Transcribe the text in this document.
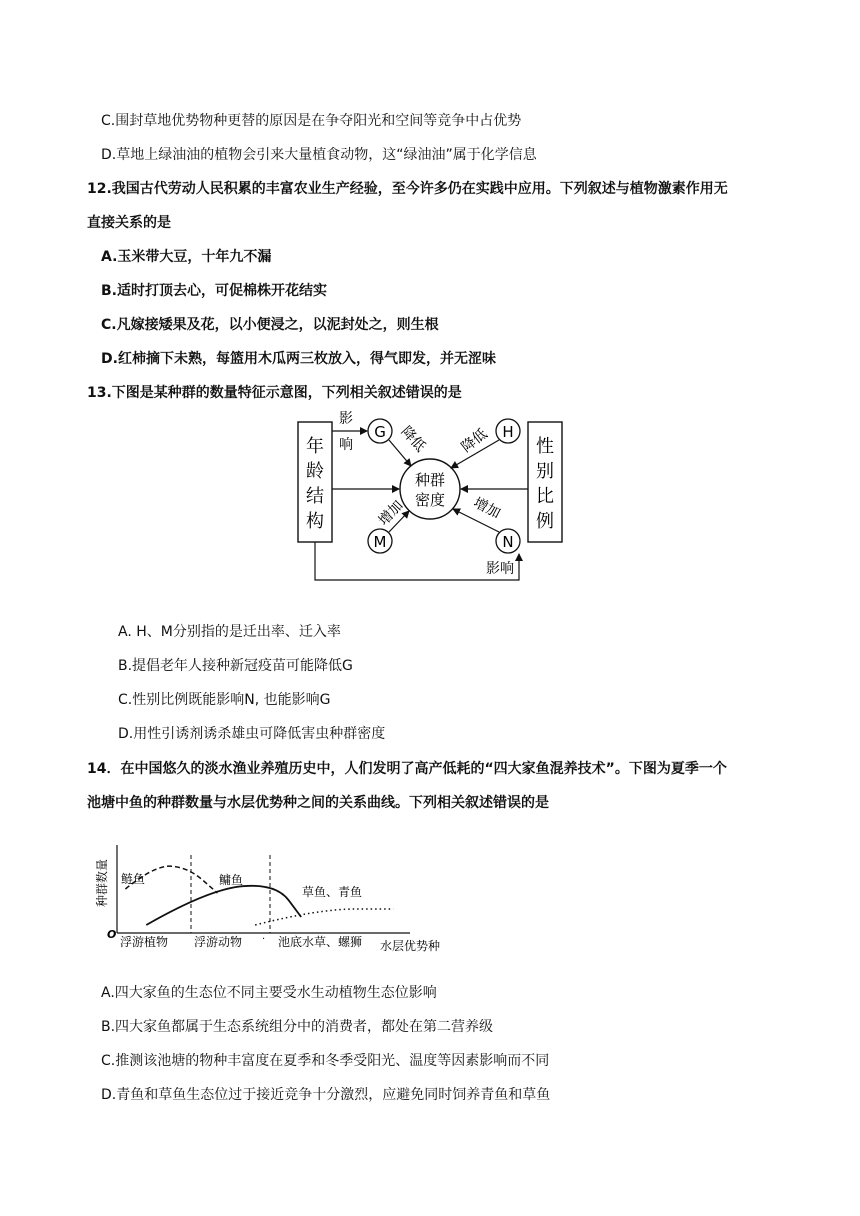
C.围封草地优势物种更替的原因是在争夺阳光和空间等竞争中占优势
D.草地上绿油油的植物会引来大量植食动物，这“绿油油”属于化学信息
12.我国古代劳动人民积累的丰富农业生产经验，至今许多仍在实践中应用。下列叙述与植物激素作用无
直接关系的是
A.玉米带大豆，十年九不漏
B.适时打顶去心，可促棉株开花结实
C.凡嫁接矮果及花，以小便浸之，以泥封处之，则生根
D.红柿摘下未熟，每篮用木瓜两三枚放入，得气即发，并无涩味
13.下图是某种群的数量特征示意图，下列相关叙述错误的是
年
龄
结
构
性
别
比
例
种群
密度
G	H
M	N
影
响	降低 降低
增加	增加
影响
A. H、M分别指的是迁出率、迁入率
B.提倡老年人接种新冠疫苗可能降低G
C.性别比例既能影响N, 也能影响G
D.用性引诱剂诱杀雄虫可降低害虫种群密度
14．在中国悠久的淡水渔业养殖历史中，人们发明了高产低耗的“四大家鱼混养技术”。下图为夏季一个
池塘中鱼的种群数量与水层优势种之间的关系曲线。下列相关叙述错误的是
种群数量
O
水层优势种
浮游植物 浮游动物	池底水草、螺狮
·
鲢鱼	鳙鱼
草鱼、青鱼
A.四大家鱼的生态位不同主要受水生动植物生态位影响
B.四大家鱼都属于生态系统组分中的消费者，都处在第二营养级
C.推测该池塘的物种丰富度在夏季和冬季受阳光、温度等因素影响而不同
D.青鱼和草鱼生态位过于接近竞争十分激烈，应避免同时饲养青鱼和草鱼
